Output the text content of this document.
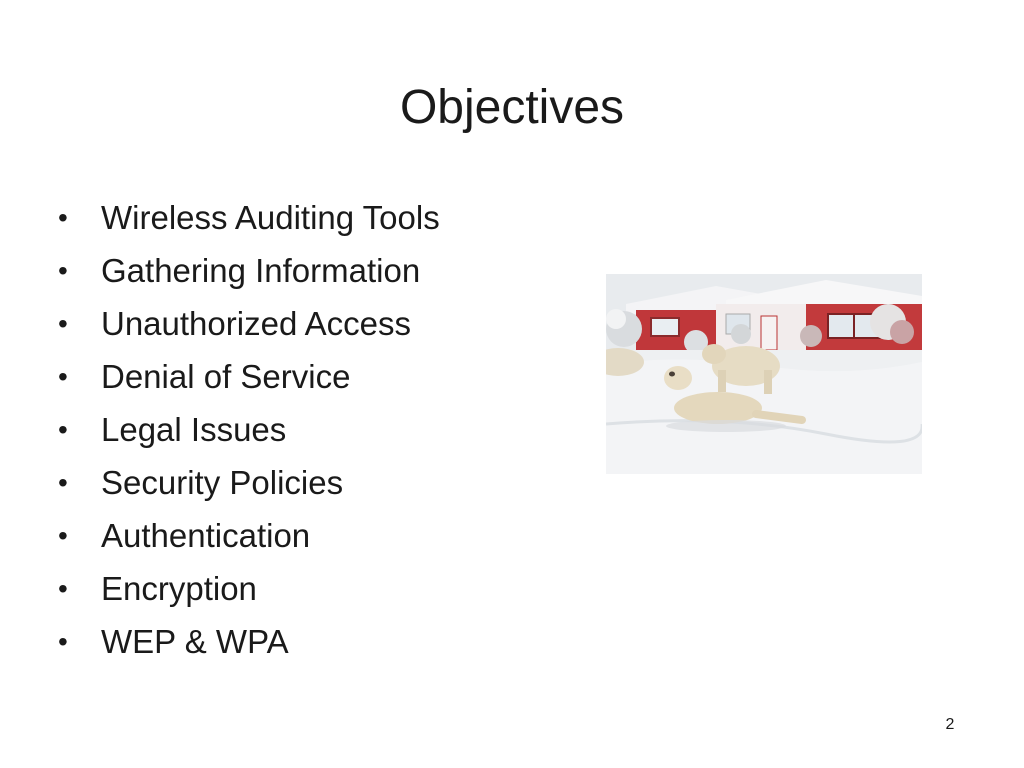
Objectives
• Wireless Auditing Tools
• Gathering Information
• Unauthorized Access
• Denial of Service
• Legal Issues
• Security Policies
• Authentication
• Encryption
• WEP & WPA
2
